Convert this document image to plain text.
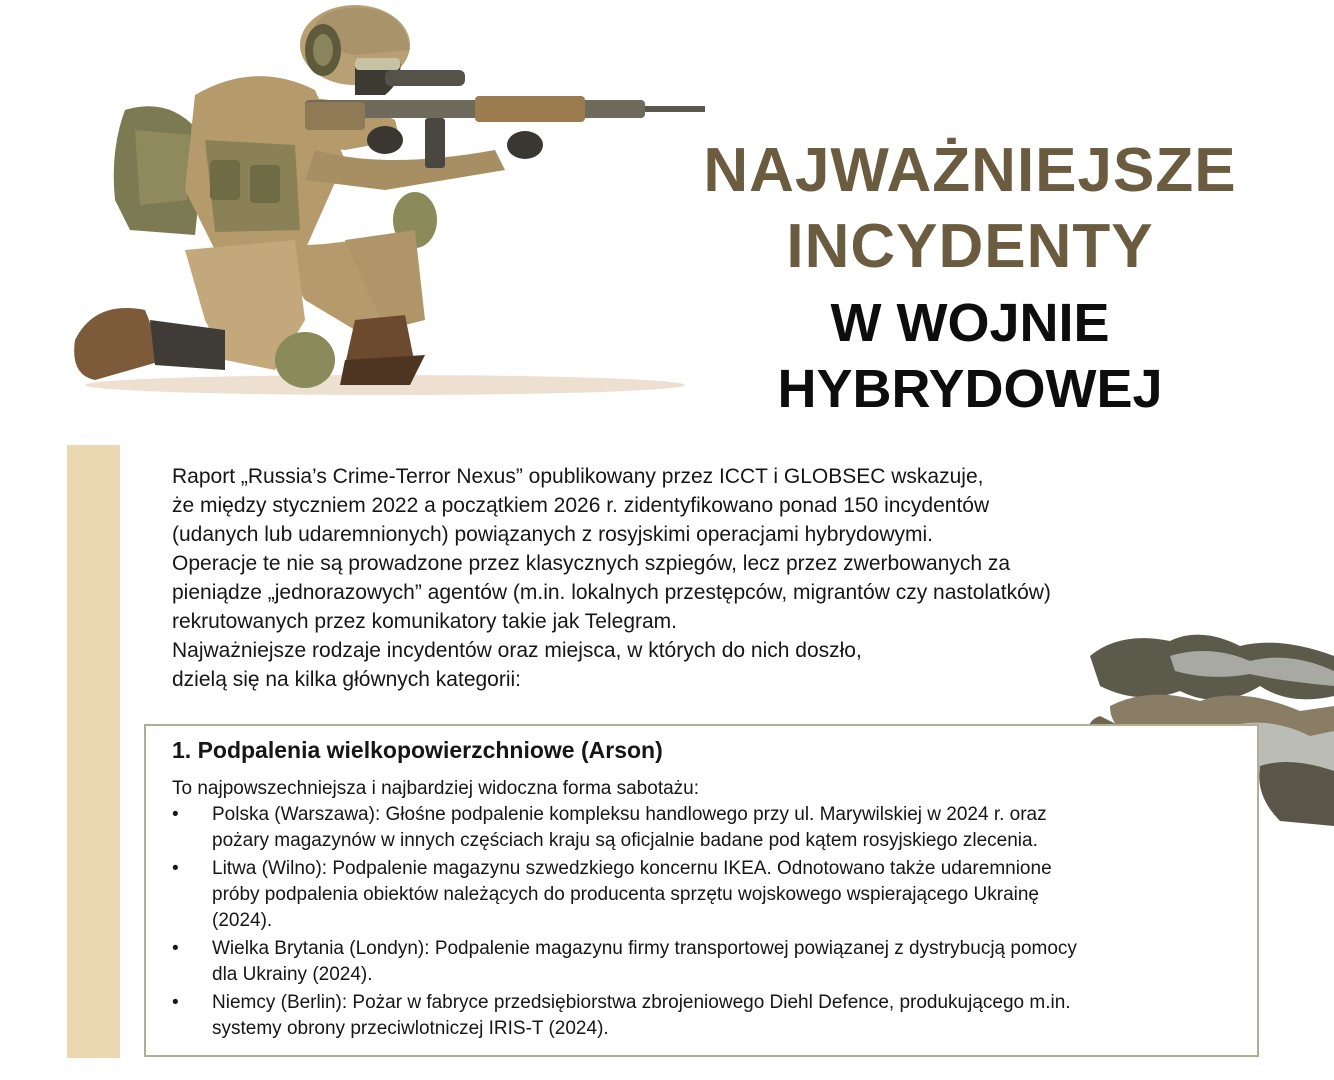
NAJWAŻNIEJSZE
INCYDENTY
W WOJNIE
HYBRYDOWEJ

Raport „Russia’s Crime-Terror Nexus” opublikowany przez ICCT i GLOBSEC wskazuje,

że między styczniem 2022 a początkiem 2026 r. zidentyfikowano ponad 150 incydentów

(udanych lub udaremnionych) powiązanych z rosyjskimi operacjami hybrydowymi.

Operacje te nie są prowadzone przez klasycznych szpiegów, lecz przez zwerbowanych za

pieniądze „jednorazowych” agentów (m.in. lokalnych przestępców, migrantów czy nastolatków)

rekrutowanych przez komunikatory takie jak Telegram.

Najważniejsze rodzaje incydentów oraz miejsca, w których do nich doszło,

dzielą się na kilka głównych kategorii:

1. Podpalenia wielkopowierzchniowe (Arson)

To najpowszechniejsza i najbardziej widoczna forma sabotażu:

• Polska (Warszawa): Głośne podpalenie kompleksu handlowego przy ul. Marywilskiej w 2024 r. oraz
pożary magazynów w innych częściach kraju są oficjalnie badane pod kątem rosyjskiego zlecenia.
• Litwa (Wilno): Podpalenie magazynu szwedzkiego koncernu IKEA. Odnotowano także udaremnione
próby podpalenia obiektów należących do producenta sprzętu wojskowego wspierającego Ukrainę
(2024).
• Wielka Brytania (Londyn): Podpalenie magazynu firmy transportowej powiązanej z dystrybucją pomocy
dla Ukrainy (2024).
• Niemcy (Berlin): Pożar w fabryce przedsiębiorstwa zbrojeniowego Diehl Defence, produkującego m.in.
systemy obrony przeciwlotniczej IRIS-T (2024).
